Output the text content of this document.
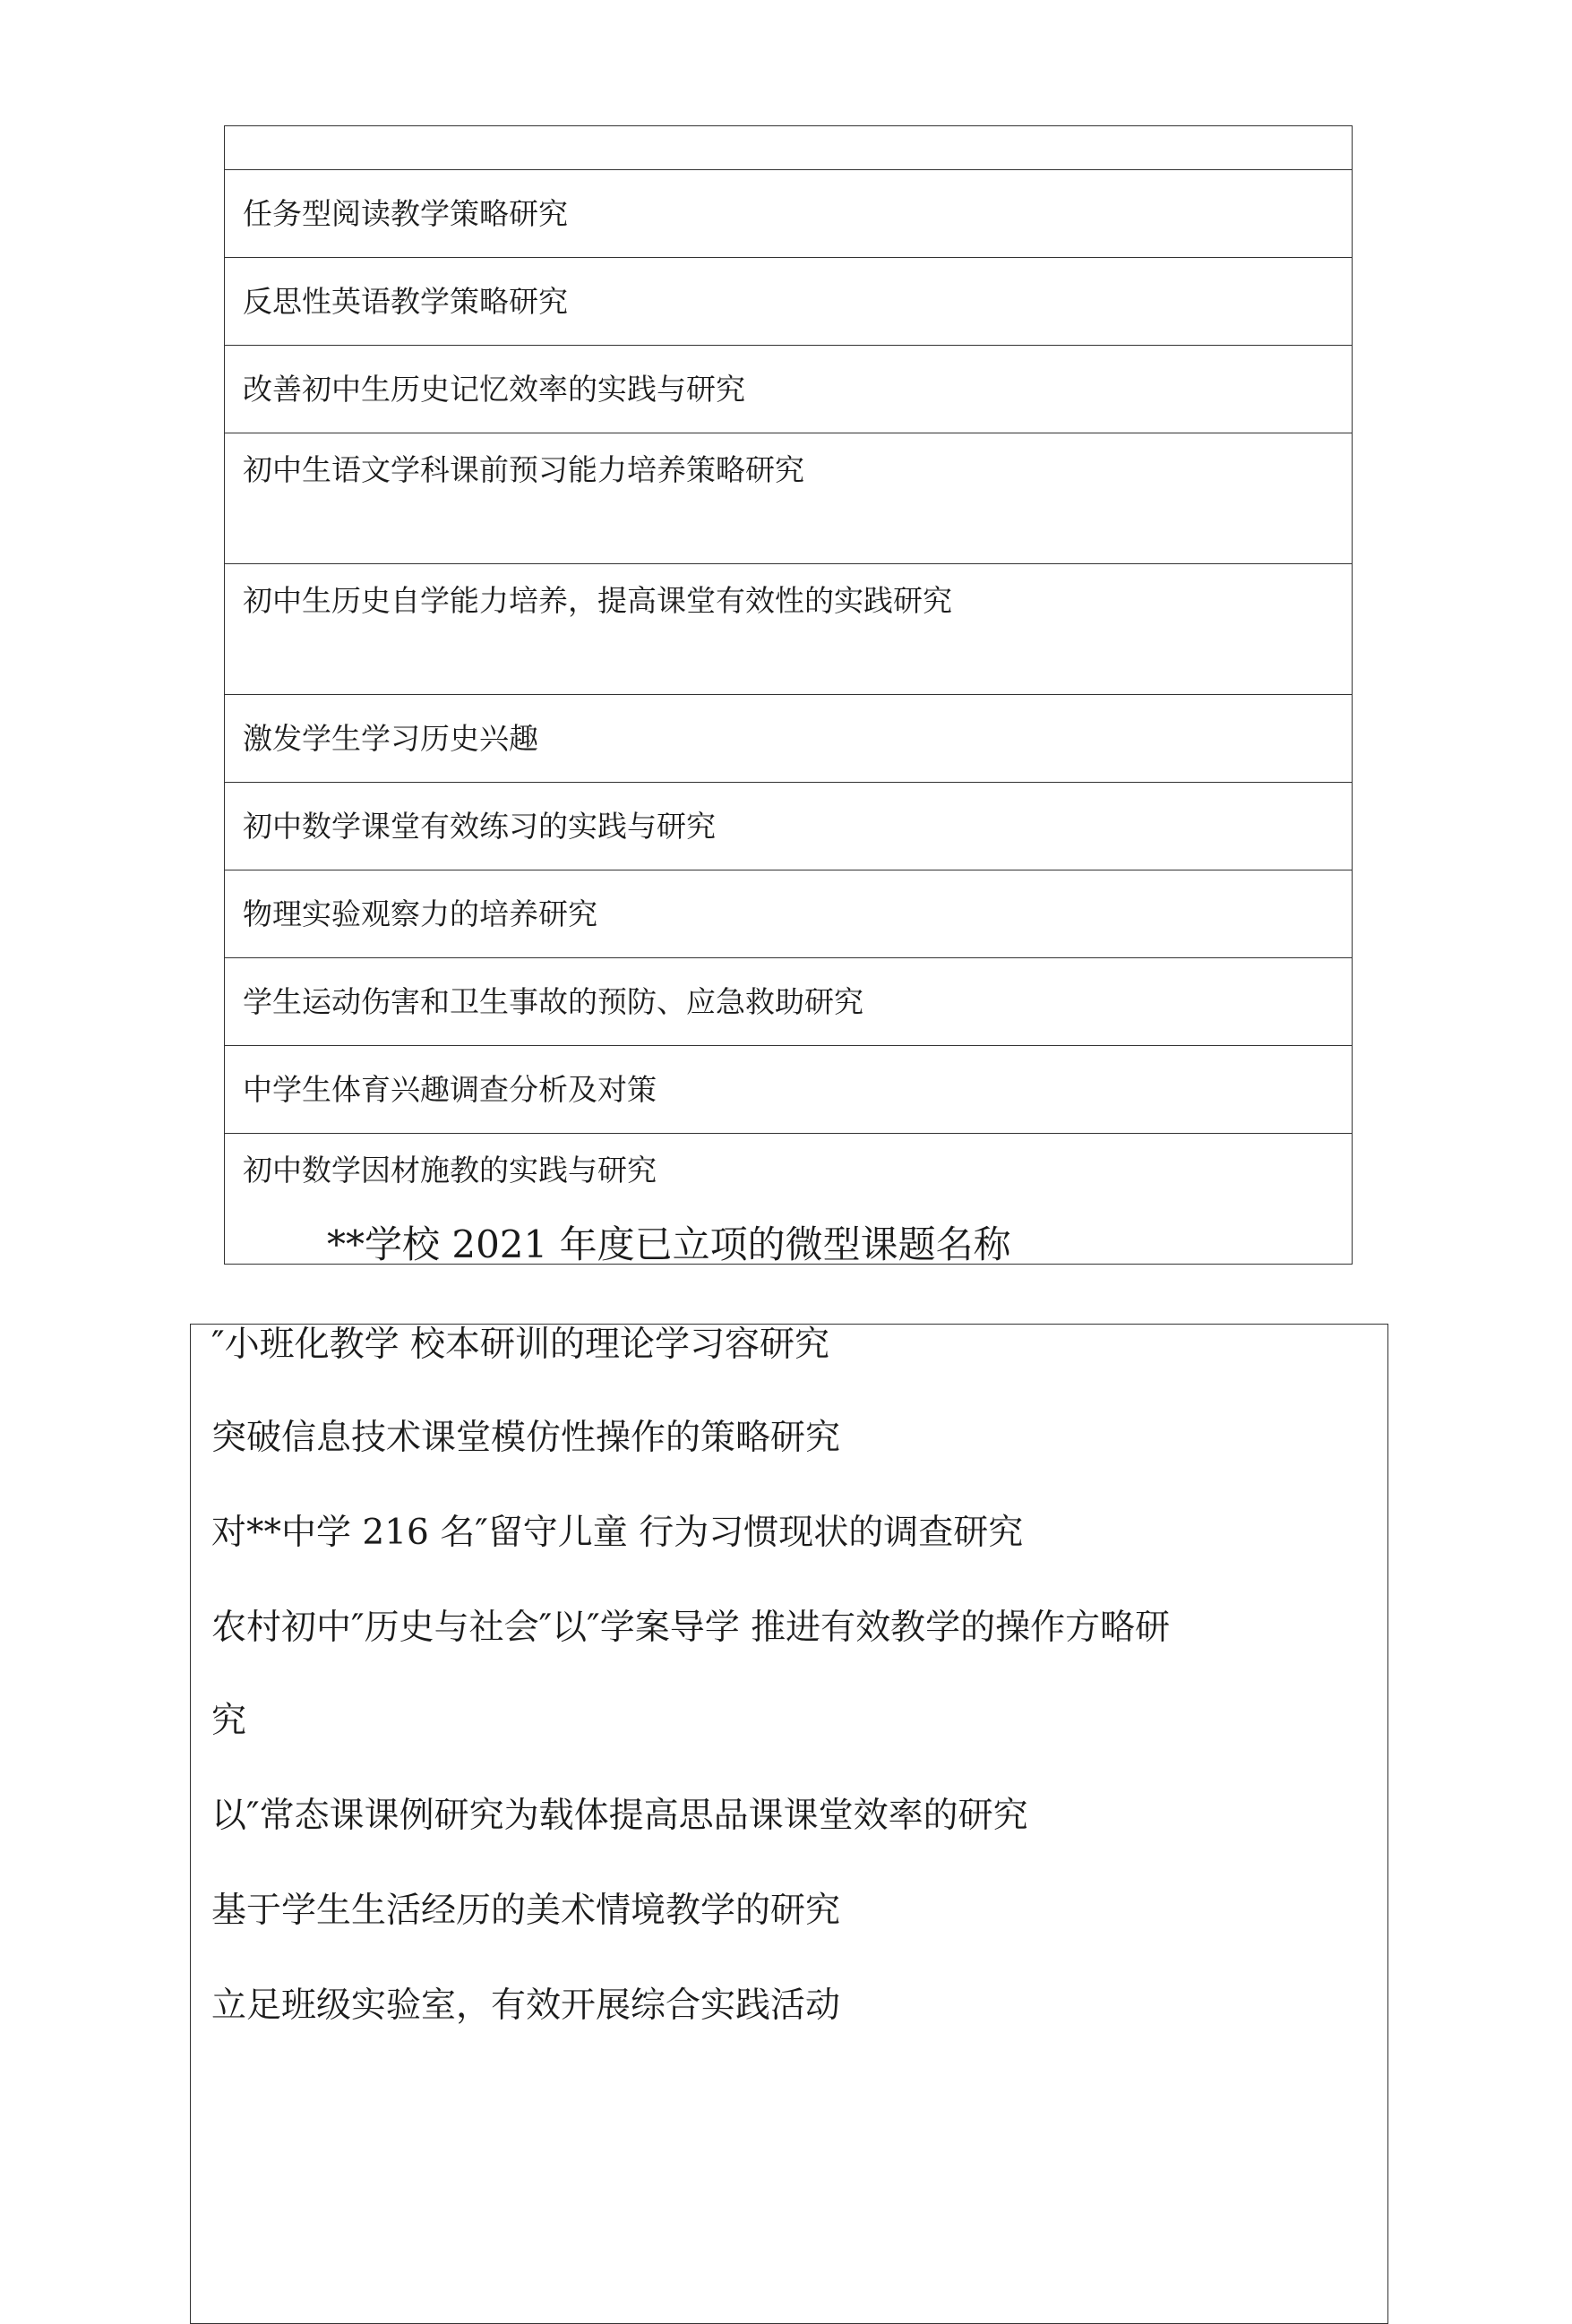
任务型阅读教学策略研究
反思性英语教学策略研究
改善初中生历史记忆效率的实践与研究
初中生语文学科课前预习能力培养策略研究
初中生历史自学能力培养，提高课堂有效性的实践研究
激发学生学习历史兴趣
初中数学课堂有效练习的实践与研究
物理实验观察力的培养研究
学生运动伤害和卫生事故的预防、应急救助研究
中学生体育兴趣调查分析及对策
初中数学因材施教的实践与研究
**学校 2021 年度已立项的微型课题名称
″小班化教学 校本研训的理论学习容研究
突破信息技术课堂模仿性操作的策略研究
对**中学 216 名″留守儿童 行为习惯现状的调查研究
农村初中″历史与社会″以″学案导学 推进有效教学的操作方略研
究
以″常态课课例研究为载体提高思品课课堂效率的研究
基于学生生活经历的美术情境教学的研究
立足班级实验室，有效开展综合实践活动
